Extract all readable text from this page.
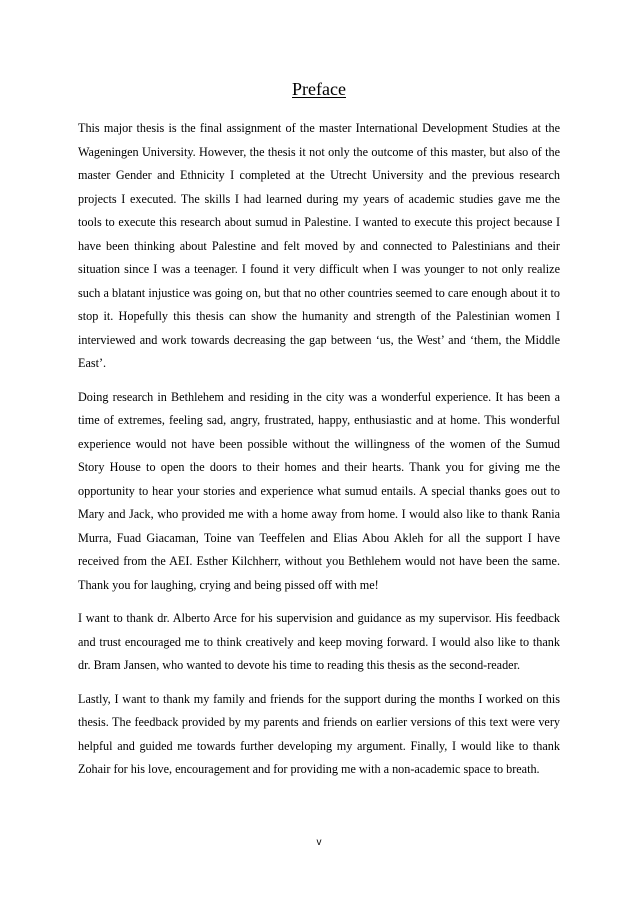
Preface

This major thesis is the final assignment of the master International Development Studies at the Wageningen University. However, the thesis it not only the outcome of this master, but also of the master Gender and Ethnicity I completed at the Utrecht University and the previous research projects I executed. The skills I had learned during my years of academic studies gave me the tools to execute this research about sumud in Palestine. I wanted to execute this project because I have been thinking about Palestine and felt moved by and connected to Palestinians and their situation since I was a teenager. I found it very difficult when I was younger to not only realize such a blatant injustice was going on, but that no other countries seemed to care enough about it to stop it. Hopefully this thesis can show the humanity and strength of the Palestinian women I interviewed and work towards decreasing the gap between ‘us, the West’ and ‘them, the Middle East’.

Doing research in Bethlehem and residing in the city was a wonderful experience. It has been a time of extremes, feeling sad, angry, frustrated, happy, enthusiastic and at home. This wonderful experience would not have been possible without the willingness of the women of the Sumud Story House to open the doors to their homes and their hearts. Thank you for giving me the opportunity to hear your stories and experience what sumud entails. A special thanks goes out to Mary and Jack, who provided me with a home away from home. I would also like to thank Rania Murra, Fuad Giacaman, Toine van Teeffelen and Elias Abou Akleh for all the support I have received from the AEI. Esther Kilchherr, without you Bethlehem would not have been the same. Thank you for laughing, crying and being pissed off with me!

I want to thank dr. Alberto Arce for his supervision and guidance as my supervisor. His feedback and trust encouraged me to think creatively and keep moving forward. I would also like to thank dr. Bram Jansen, who wanted to devote his time to reading this thesis as the second-reader.

Lastly, I want to thank my family and friends for the support during the months I worked on this thesis. The feedback provided by my parents and friends on earlier versions of this text were very helpful and guided me towards further developing my argument. Finally, I would like to thank Zohair for his love, encouragement and for providing me with a non-academic space to breath.

v
